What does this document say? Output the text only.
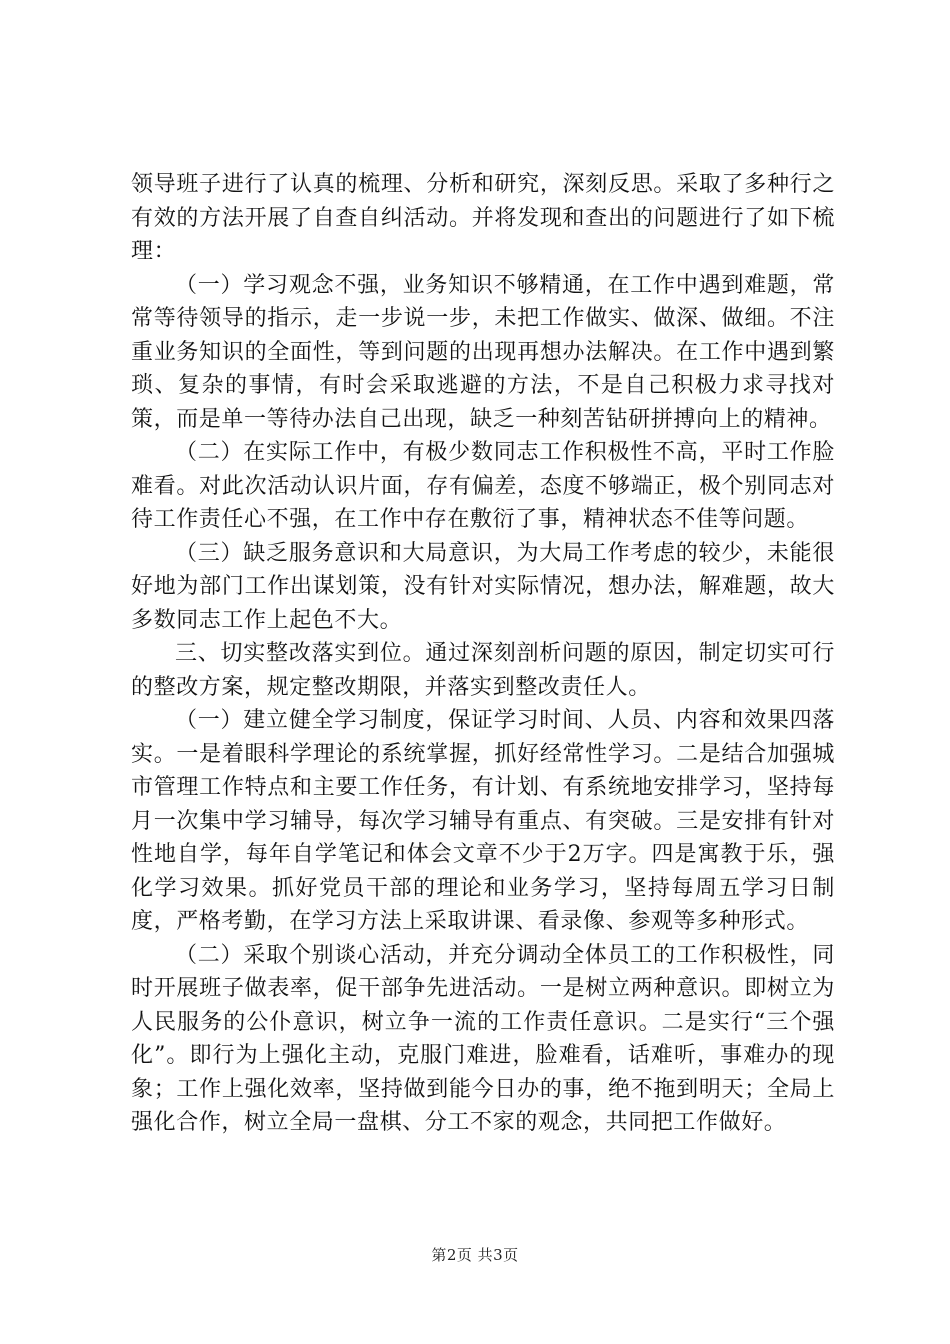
领导班子进行了认真的梳理、分析和研究，深刻反思。采取了多种行之有效的方法开展了自查自纠活动。并将发现和查出的问题进行了如下梳理：

（一）学习观念不强，业务知识不够精通，在工作中遇到难题，常常等待领导的指示，走一步说一步，未把工作做实、做深、做细。不注重业务知识的全面性，等到问题的出现再想办法解决。在工作中遇到繁琐、复杂的事情，有时会采取逃避的方法，不是自己积极力求寻找对策，而是单一等待办法自己出现，缺乏一种刻苦钻研拼搏向上的精神。

（二）在实际工作中，有极少数同志工作积极性不高，平时工作脸难看。对此次活动认识片面，存有偏差，态度不够端正，极个别同志对待工作责任心不强，在工作中存在敷衍了事，精神状态不佳等问题。

（三）缺乏服务意识和大局意识，为大局工作考虑的较少，未能很好地为部门工作出谋划策，没有针对实际情况，想办法，解难题，故大多数同志工作上起色不大。

三、切实整改落实到位。通过深刻剖析问题的原因，制定切实可行的整改方案，规定整改期限，并落实到整改责任人。

（一）建立健全学习制度，保证学习时间、人员、内容和效果四落实。一是着眼科学理论的系统掌握，抓好经常性学习。二是结合加强城市管理工作特点和主要工作任务，有计划、有系统地安排学习，坚持每月一次集中学习辅导，每次学习辅导有重点、有突破。三是安排有针对性地自学，每年自学笔记和体会文章不少于2万字。四是寓教于乐，强化学习效果。抓好党员干部的理论和业务学习，坚持每周五学习日制度，严格考勤，在学习方法上采取讲课、看录像、参观等多种形式。

（二）采取个别谈心活动，并充分调动全体员工的工作积极性，同时开展班子做表率，促干部争先进活动。一是树立两种意识。即树立为人民服务的公仆意识，树立争一流的工作责任意识。二是实行“三个强化”。即行为上强化主动，克服门难进，脸难看，话难听，事难办的现象；工作上强化效率，坚持做到能今日办的事，绝不拖到明天；全局上强化合作，树立全局一盘棋、分工不家的观念，共同把工作做好。

第2页 共3页
